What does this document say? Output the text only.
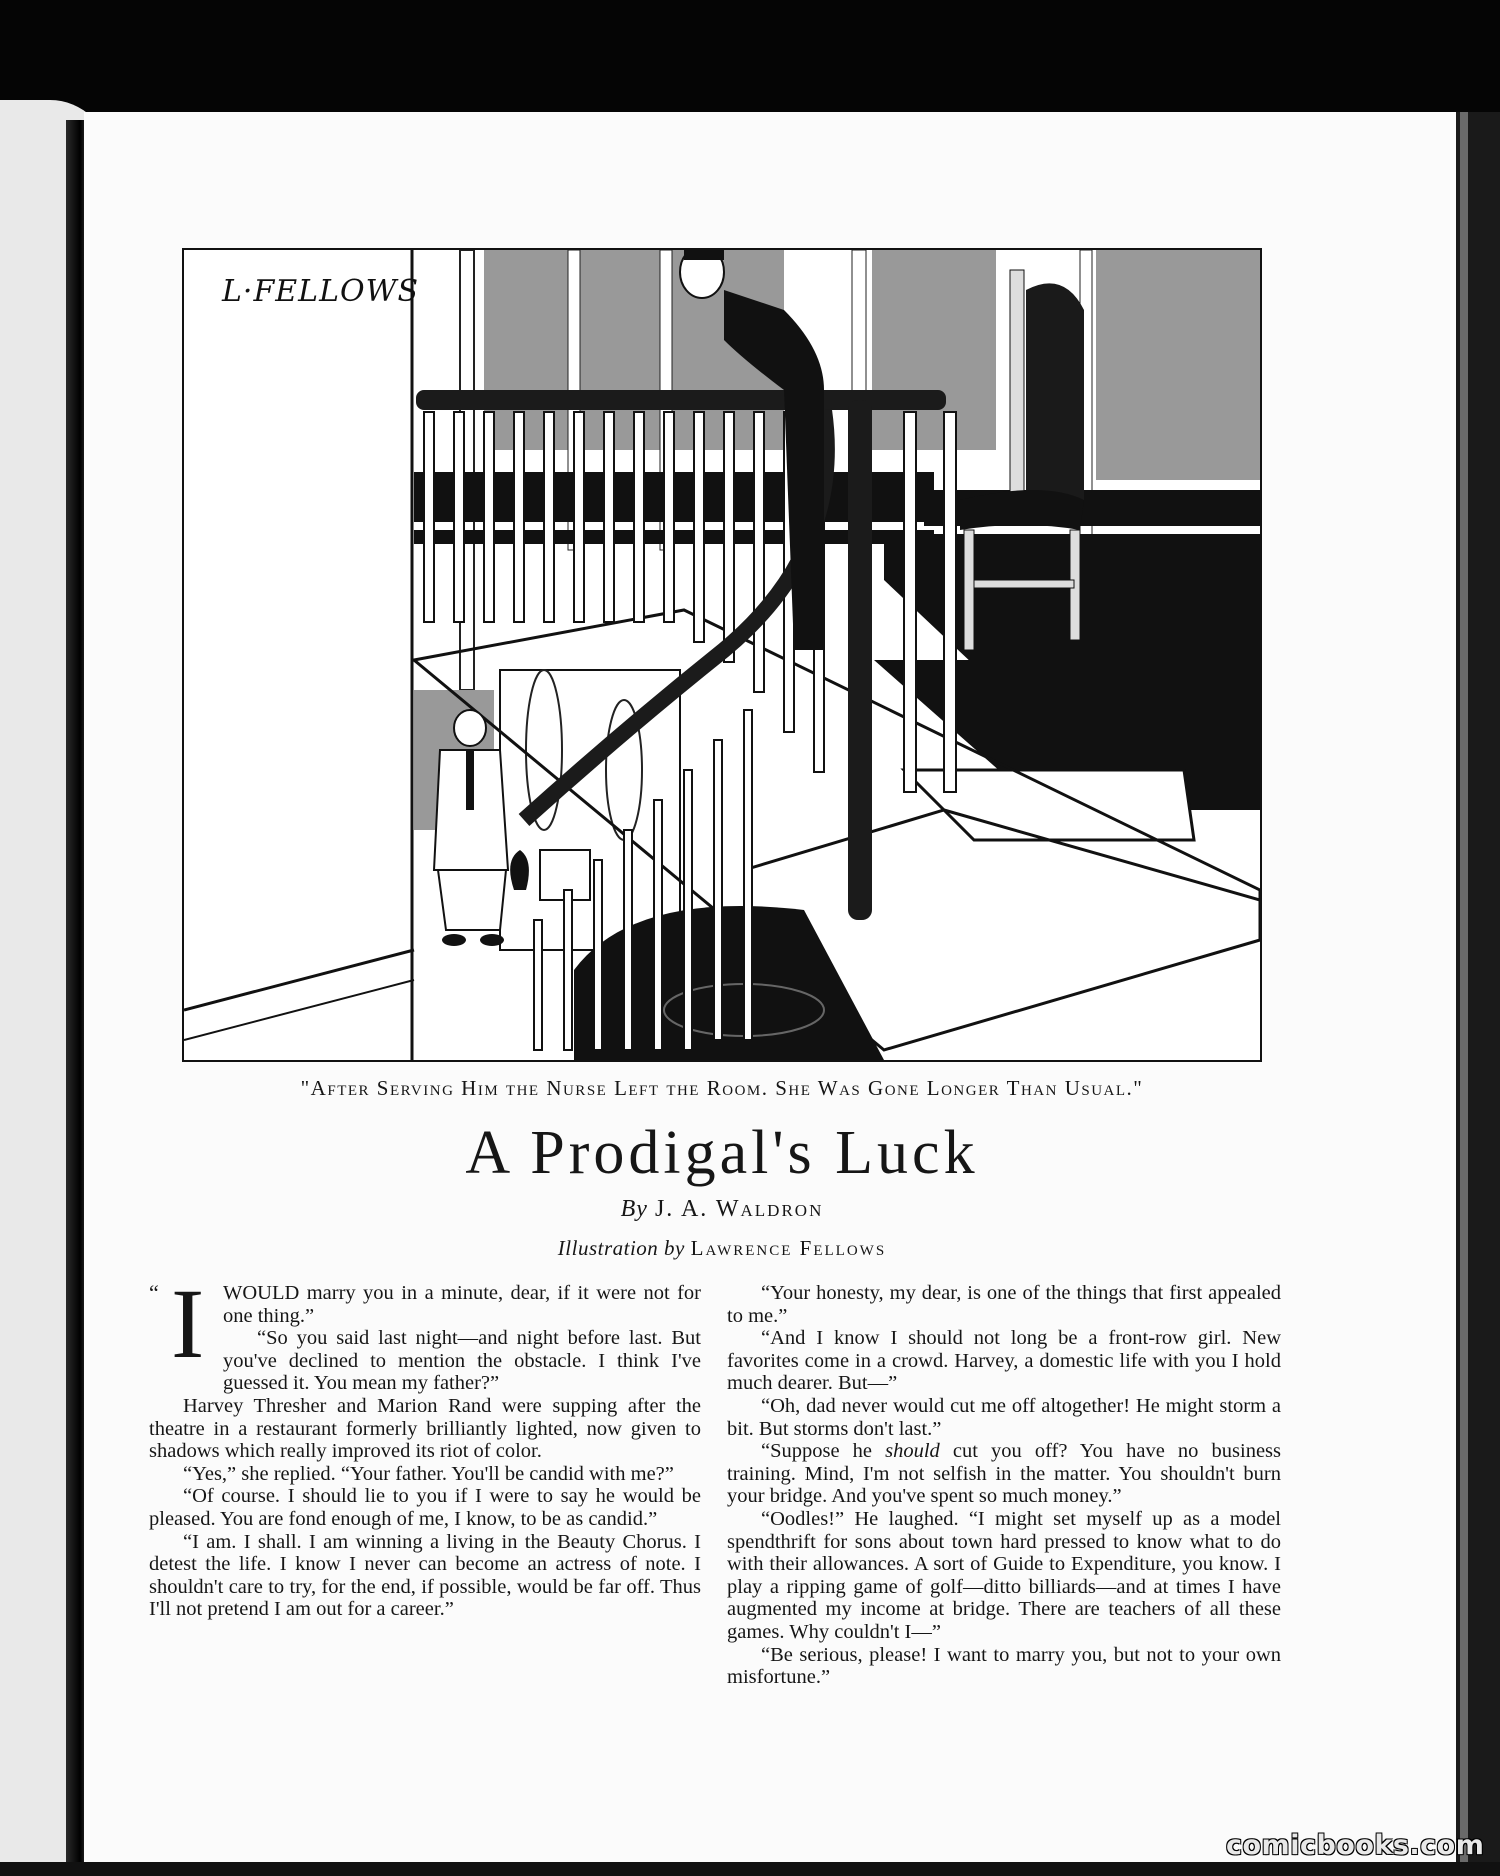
L·FELLOWS
"After Serving Him the Nurse Left the Room. She Was Gone Longer Than Usual."
A Prodigal's Luck
By J. A. Waldron
Illustration by Lawrence Fellows

“ I WOULD marry you in a minute, dear, if it were not for one thing.”

“So you said last night—and night before last. But you've declined to mention the obstacle. I think I've guessed it. You mean my father?”

Harvey Thresher and Marion Rand were supping after the theatre in a restaurant formerly brilliantly lighted, now given to shadows which really improved its riot of color.

“Yes,” she replied. “Your father. You'll be candid with me?”

“Of course. I should lie to you if I were to say he would be pleased. You are fond enough of me, I know, to be as candid.”

“I am. I shall. I am winning a living in the Beauty Chorus. I detest the life. I know I never can become an actress of note. I shouldn't care to try, for the end, if possible, would be far off. Thus I'll not pretend I am out for a career.”

“Your honesty, my dear, is one of the things that first appealed to me.”

“And I know I should not long be a front-row girl. New favorites come in a crowd. Harvey, a domestic life with you I hold much dearer. But—”

“Oh, dad never would cut me off altogether! He might storm a bit. But storms don't last.”

“Suppose he should cut you off? You have no business training. Mind, I'm not selfish in the matter. You shouldn't burn your bridge. And you've spent so much money.”

“Oodles!” He laughed. “I might set myself up as a model spendthrift for sons about town hard pressed to know what to do with their allowances. A sort of Guide to Expenditure, you know. I play a ripping game of golf—ditto billiards—and at times I have augmented my income at bridge. There are teachers of all these games. Why couldn't I—”

“Be serious, please! I want to marry you, but not to your own misfortune.”

comicbooks.com
